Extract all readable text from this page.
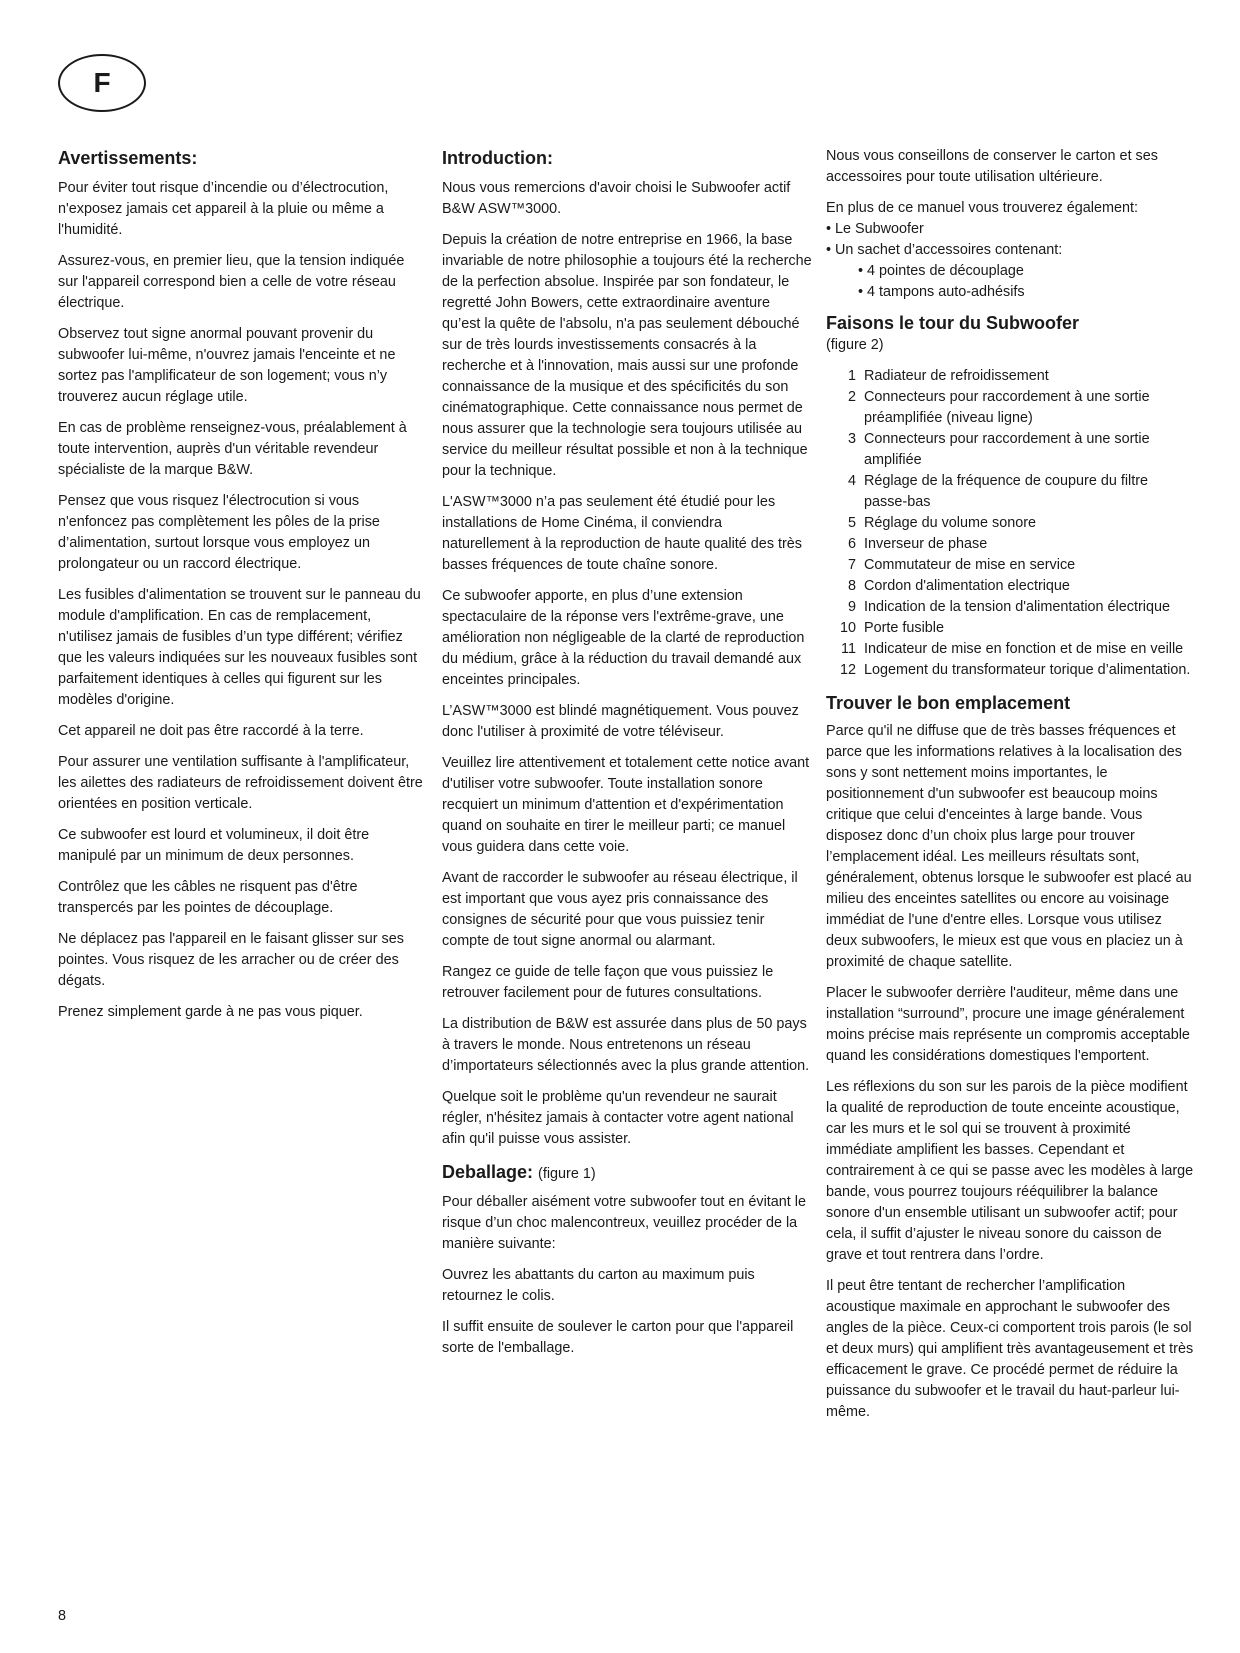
F
Avertissements:

Pour éviter tout risque d’incendie ou d’électrocution, n'exposez jamais cet appareil à la pluie ou même a l'humidité.

Assurez-vous, en premier lieu, que la tension indiquée sur l'appareil correspond bien a celle de votre réseau électrique.

Observez tout signe anormal pouvant provenir du subwoofer lui-même, n'ouvrez jamais l'enceinte et ne sortez pas l'amplificateur de son logement; vous n’y trouverez aucun réglage utile.

En cas de problème renseignez-vous, préalablement à toute intervention, auprès d'un véritable revendeur spécialiste de la marque B&W.

Pensez que vous risquez l'électrocution si vous n'enfoncez pas complètement les pôles de la prise d’alimentation, surtout lorsque vous employez un prolongateur ou un raccord électrique.

Les fusibles d'alimentation se trouvent sur le panneau du module d'amplification. En cas de remplacement, n'utilisez jamais de fusibles d’un type différent; vérifiez que les valeurs indiquées sur les nouveaux fusibles sont parfaitement identiques à celles qui figurent sur les modèles d'origine.

Cet appareil ne doit pas être raccordé à la terre.

Pour assurer une ventilation suffisante à l'amplificateur, les ailettes des radiateurs de refroidissement doivent être orientées en position verticale.

Ce subwoofer est lourd et volumineux, il doit être manipulé par un minimum de deux personnes.

Contrôlez que les câbles ne risquent pas d'être transpercés par les pointes de découplage.

Ne déplacez pas l'appareil en le faisant glisser sur ses pointes. Vous risquez de les arracher ou de créer des dégats.

Prenez simplement garde à ne pas vous piquer.

Introduction:

Nous vous remercions d'avoir choisi le Subwoofer actif B&W ASW™3000.

Depuis la création de notre entreprise en 1966, la base invariable de notre philosophie a toujours été la recherche de la perfection absolue. Inspirée par son fondateur, le regretté John Bowers, cette extraordinaire aventure qu’est la quête de l'absolu, n'a pas seulement débouché sur de très lourds investissements consacrés à la recherche et à l'innovation, mais aussi sur une profonde connaissance de la musique et des spécificités du son cinématographique. Cette connaissance nous permet de nous assurer que la technologie sera toujours utilisée au service du meilleur résultat possible et non à la technique pour la technique.

L'ASW™3000 n’a pas seulement été étudié pour les installations de Home Cinéma, il conviendra naturellement à la reproduction de haute qualité des très basses fréquences de toute chaîne sonore.

Ce subwoofer apporte, en plus d’une extension spectaculaire de la réponse vers l'extrême-grave, une amélioration non négligeable de la clarté de reproduction du médium, grâce à la réduction du travail demandé aux enceintes principales.

L’ASW™3000 est blindé magnétiquement. Vous pouvez donc l'utiliser à proximité de votre téléviseur.

Veuillez lire attentivement et totalement cette notice avant d'utiliser votre subwoofer. Toute installation sonore recquiert un minimum d'attention et d'expérimentation quand on souhaite en tirer le meilleur parti; ce manuel vous guidera dans cette voie.

Avant de raccorder le subwoofer au réseau électrique, il est important que vous ayez pris connaissance des consignes de sécurité pour que vous puissiez tenir compte de tout signe anormal ou alarmant.

Rangez ce guide de telle façon que vous puissiez le retrouver facilement pour de futures consultations.

La distribution de B&W est assurée dans plus de 50 pays à travers le monde. Nous entretenons un réseau d’importateurs sélectionnés avec la plus grande attention.

Quelque soit le problème qu'un revendeur ne saurait régler, n'hésitez jamais à contacter votre agent national afin qu'il puisse vous assister.

Deballage: (figure 1)

Pour déballer aisément votre subwoofer tout en évitant le risque d’un choc malencontreux, veuillez procéder de la manière suivante:

Ouvrez les abattants du carton au maximum puis retournez le colis.

Il suffit ensuite de soulever le carton pour que l'appareil sorte de l'emballage.

Nous vous conseillons de conserver le carton et ses accessoires pour toute utilisation ultérieure.

En plus de ce manuel vous trouverez également:

• Le Subwoofer
• Un sachet d’accessoires contenant:
• 4 pointes de découplage
• 4 tampons auto-adhésifs
Faisons le tour du Subwoofer
(figure 2)
1 Radiateur de refroidissement
2 Connecteurs pour raccordement à une sortie préamplifiée (niveau ligne)
3 Connecteurs pour raccordement à une sortie amplifiée
4 Réglage de la fréquence de coupure du filtre passe-bas
5 Réglage du volume sonore
6 Inverseur de phase
7 Commutateur de mise en service
8 Cordon d'alimentation electrique
9 Indication de la tension d'alimentation électrique
10 Porte fusible
11 Indicateur de mise en fonction et de mise en veille
12 Logement du transformateur torique d’alimentation.
Trouver le bon emplacement

Parce qu'il ne diffuse que de très basses fréquences et parce que les informations relatives à la localisation des sons y sont nettement moins importantes, le positionnement d'un subwoofer est beaucoup moins critique que celui d'enceintes à large bande. Vous disposez donc d’un choix plus large pour trouver l’emplacement idéal. Les meilleurs résultats sont, généralement, obtenus lorsque le subwoofer est placé au milieu des enceintes satellites ou encore au voisinage immédiat de l'une d'entre elles. Lorsque vous utilisez deux subwoofers, le mieux est que vous en placiez un à proximité de chaque satellite.

Placer le subwoofer derrière l'auditeur, même dans une installation “surround”, procure une image généralement moins précise mais représente un compromis acceptable quand les considérations domestiques l'emportent.

Les réflexions du son sur les parois de la pièce modifient la qualité de reproduction de toute enceinte acoustique, car les murs et le sol qui se trouvent à proximité immédiate amplifient les basses. Cependant et contrairement à ce qui se passe avec les modèles à large bande, vous pourrez toujours rééquilibrer la balance sonore d'un ensemble utilisant un subwoofer actif; pour cela, il suffit d’ajuster le niveau sonore du caisson de grave et tout rentrera dans l’ordre.

Il peut être tentant de rechercher l’amplification acoustique maximale en approchant le subwoofer des angles de la pièce. Ceux-ci comportent trois parois (le sol et deux murs) qui amplifient très avantageusement et très efficacement le grave. Ce procédé permet de réduire la puissance du subwoofer et le travail du haut-parleur lui-même.

8
